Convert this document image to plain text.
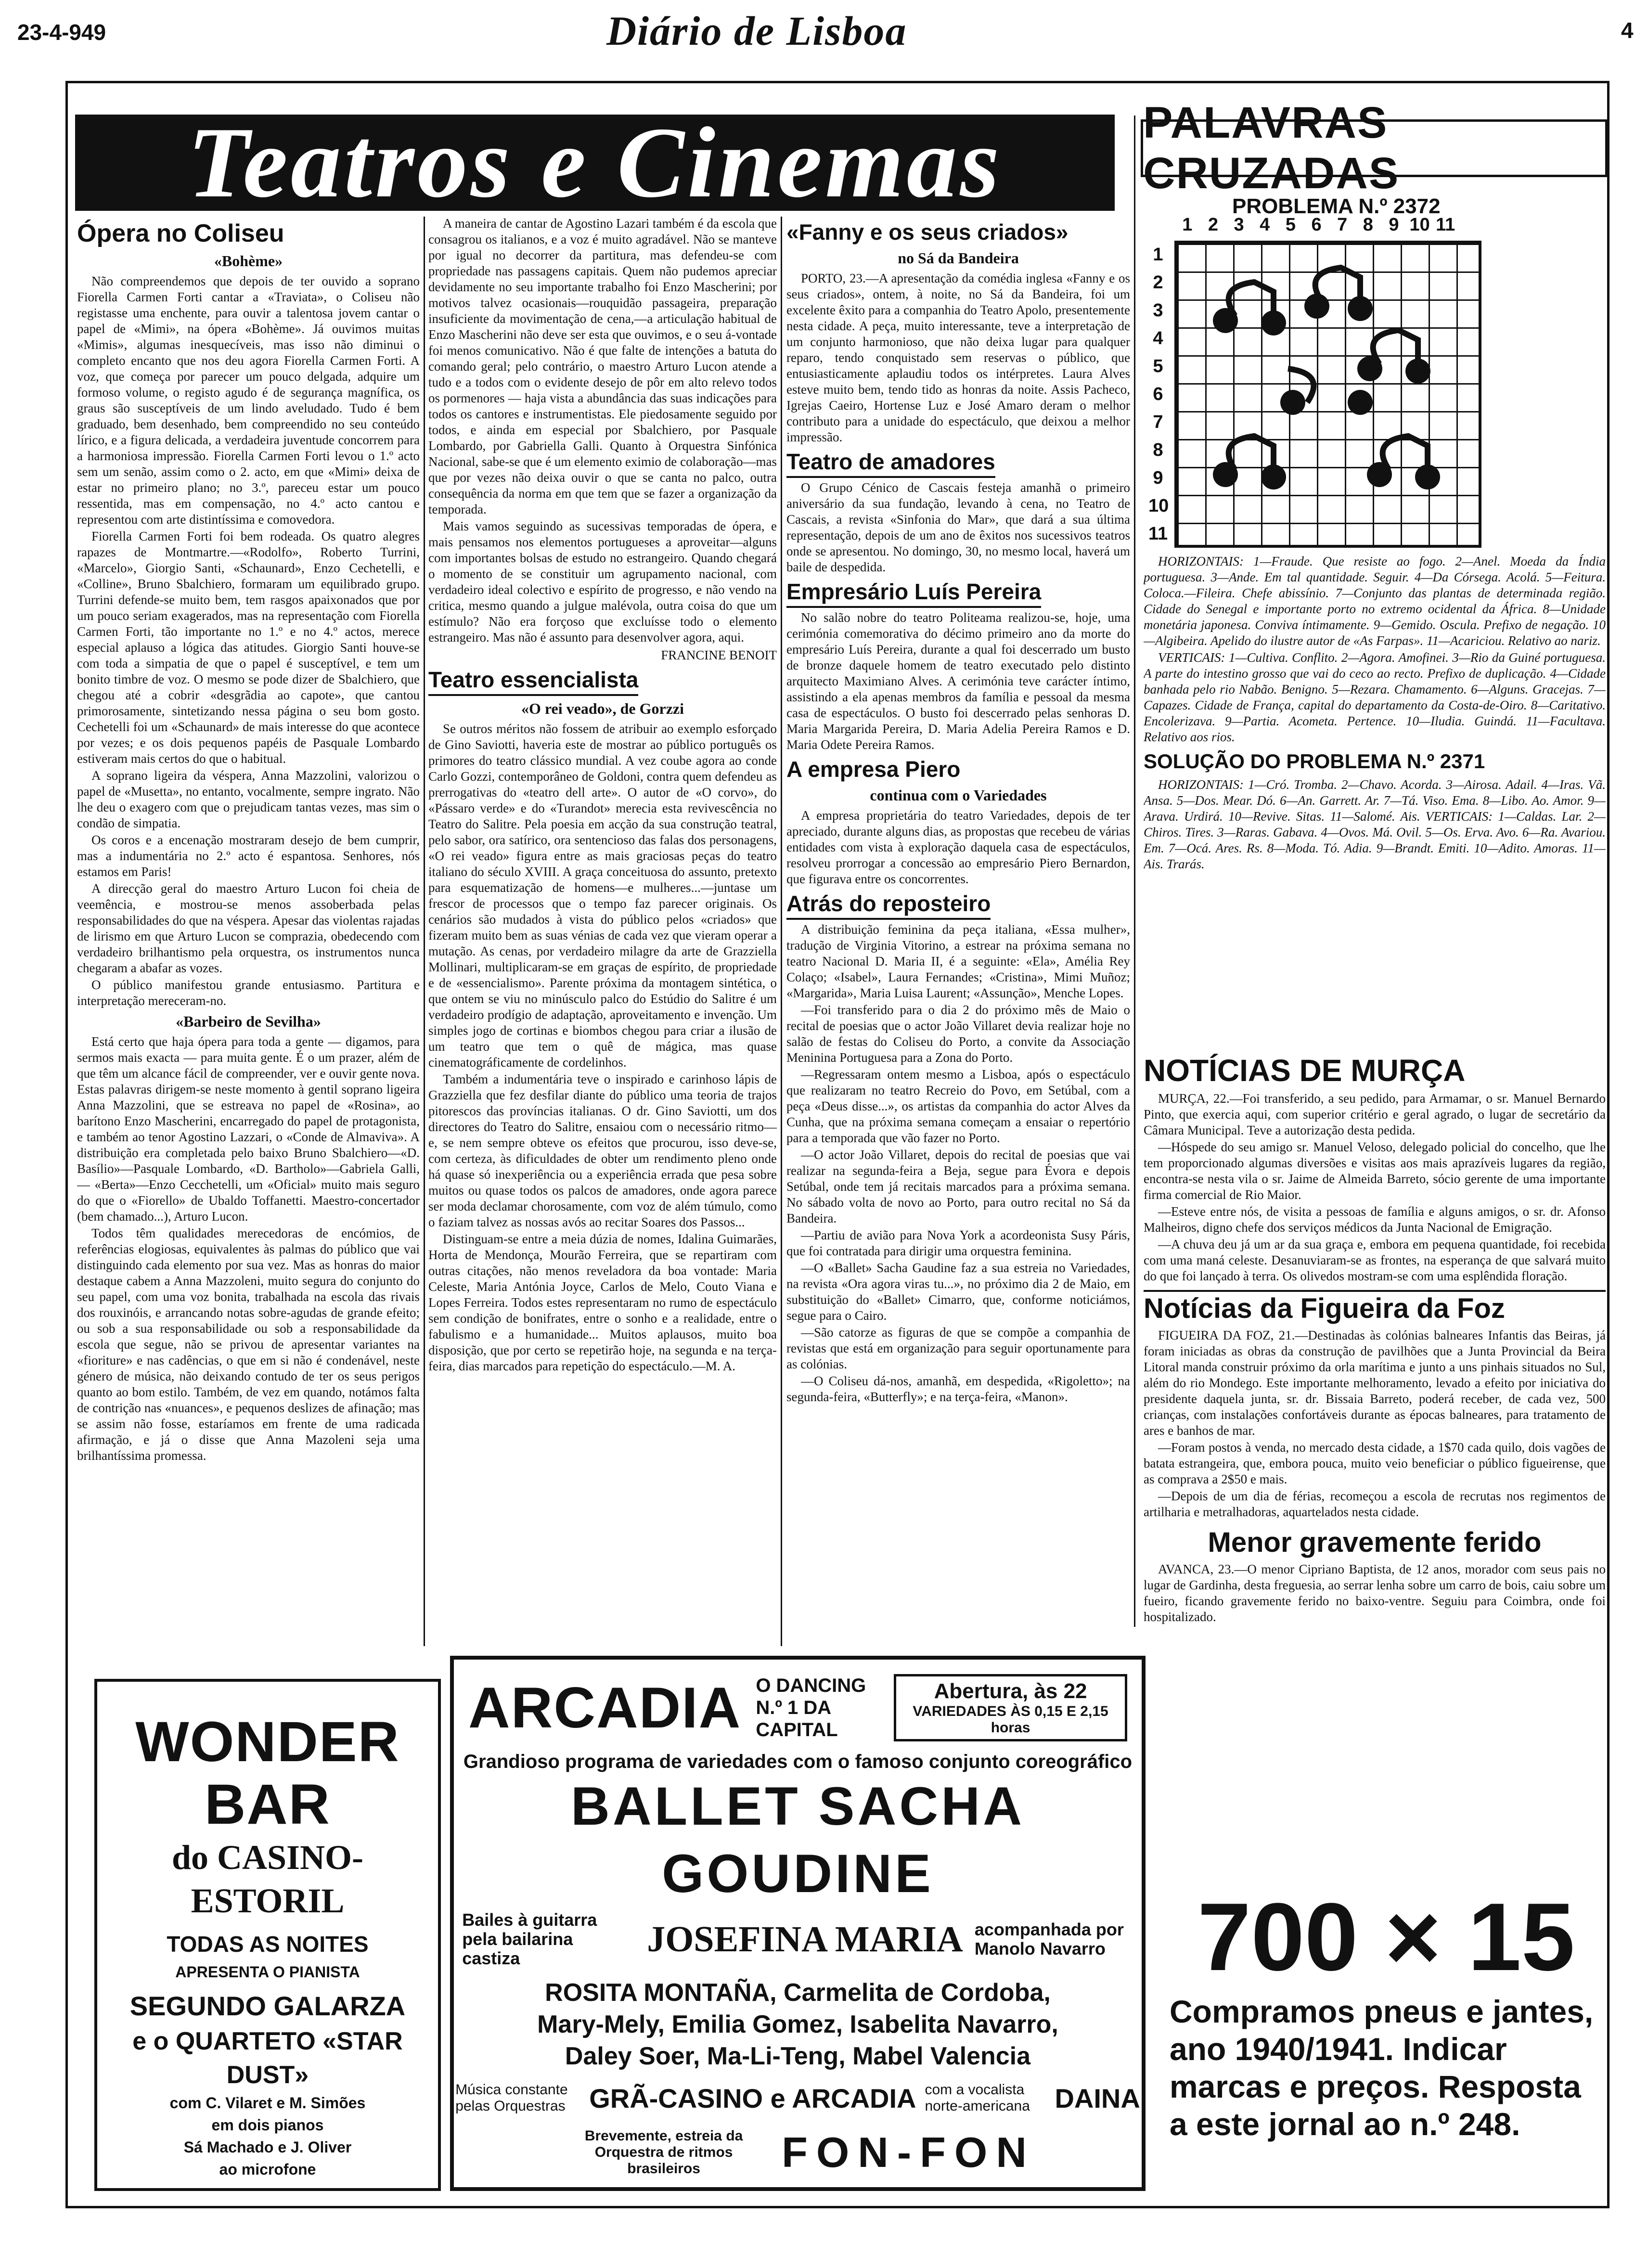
23-4-949	Diário de Lisboa	4
Teatros e Cinemas
Ópera no Coliseu
«Bohème»

Não compreendemos que depois de ter ouvido a soprano Fiorella Carmen Forti cantar a «Traviata», o Coliseu não registasse uma enchente, para ouvir a talentosa jovem cantar o papel de «Mimi», na ópera «Bohème». Já ouvimos muitas «Mimis», algumas inesquecíveis, mas isso não diminui o completo encanto que nos deu agora Fiorella Carmen Forti. A voz, que começa por parecer um pouco delgada, adquire um formoso volume, o registo agudo é de segurança magnífica, os graus são susceptíveis de um lindo aveludado. Tudo é bem graduado, bem desenhado, bem compreendido no seu conteúdo lírico, e a figura delicada, a verdadeira juventude concorrem para a harmoniosa impressão. Fiorella Carmen Forti levou o 1.º acto sem um senão, assim como o 2. acto, em que «Mimi» deixa de estar no primeiro plano; no 3.º, pareceu estar um pouco ressentida, mas em compensação, no 4.º acto cantou e representou com arte distintíssima e comovedora.

Fiorella Carmen Forti foi bem rodeada. Os quatro alegres rapazes de Montmartre.—«Rodolfo», Roberto Turrini, «Marcelo», Giorgio Santi, «Schaunard», Enzo Cechetelli, e «Colline», Bruno Sbalchiero, formaram um equilibrado grupo. Turrini defende-se muito bem, tem rasgos apaixonados que por um pouco seriam exagerados, mas na representação com Fiorella Carmen Forti, tão importante no 1.º e no 4.º actos, merece especial aplauso a lógica das atitudes. Giorgio Santi houve-se com toda a simpatia de que o papel é susceptível, e tem um bonito timbre de voz. O mesmo se pode dizer de Sbalchiero, que chegou até a cobrir «desgrãdia ao capote», que cantou primorosamente, sintetizando nessa página o seu bom gosto. Cechetelli foi um «Schaunard» de mais interesse do que acontece por vezes; e os dois pequenos papéis de Pasquale Lombardo estiveram mais certos do que o habitual.

A soprano ligeira da véspera, Anna Mazzolini, valorizou o papel de «Musetta», no entanto, vocalmente, sempre ingrato. Não lhe deu o exagero com que o prejudicam tantas vezes, mas sim o condão de simpatia.

Os coros e a encenação mostraram desejo de bem cumprir, mas a indumentária no 2.º acto é espantosa. Senhores, nós estamos em Paris!

A direcção geral do maestro Arturo Lucon foi cheia de veemência, e mostrou-se menos assoberbada pelas responsabilidades do que na véspera. Apesar das violentas rajadas de lirismo em que Arturo Lucon se comprazia, obedecendo com verdadeiro brilhantismo pela orquestra, os instrumentos nunca chegaram a abafar as vozes.

O público manifestou grande entusiasmo. Partitura e interpretação mereceram-no.

«Barbeiro de Sevilha»

Está certo que haja ópera para toda a gente — digamos, para sermos mais exacta — para muita gente. É o um prazer, além de que têm um alcance fácil de compreender, ver e ouvir gente nova. Estas palavras dirigem-se neste momento à gentil soprano ligeira Anna Mazzolini, que se estreava no papel de «Rosina», ao barítono Enzo Mascherini, encarregado do papel de protagonista, e também ao tenor Agostino Lazzari, o «Conde de Almaviva». A distribuição era completada pelo baixo Bruno Sbalchiero—«D. Basílio»—Pasquale Lombardo, «D. Bartholo»—Gabriela Galli, — «Berta»—Enzo Cecchetelli, um «Oficial» muito mais seguro do que o «Fiorello» de Ubaldo Toffanetti. Maestro-concertador (bem chamado...), Arturo Lucon.

Todos têm qualidades merecedoras de encómios, de referências elogiosas, equivalentes às palmas do público que vai distinguindo cada elemento por sua vez. Mas as honras do maior destaque cabem a Anna Mazzoleni, muito segura do conjunto do seu papel, com uma voz bonita, trabalhada na escola das rivais dos rouxinóis, e arrancando notas sobre-agudas de grande efeito; ou sob a sua responsabilidade ou sob a responsabilidade da escola que segue, não se privou de apresentar variantes na «fioriture» e nas cadências, o que em si não é condenável, neste género de música, não deixando contudo de ter os seus perigos quanto ao bom estilo. Também, de vez em quando, notámos falta de contrição nas «nuances», e pequenos deslizes de afinação; mas se assim não fosse, estaríamos em frente de uma radicada afirmação, e já o disse que Anna Mazoleni seja uma brilhantíssima promessa.

A maneira de cantar de Agostino Lazari também é da escola que consagrou os italianos, e a voz é muito agradável. Não se manteve por igual no decorrer da partitura, mas defendeu-se com propriedade nas passagens capitais. Quem não pudemos apreciar devidamente no seu importante trabalho foi Enzo Mascherini; por motivos talvez ocasionais—rouquidão passageira, preparação insuficiente da movimentação de cena,—a articulação habitual de Enzo Mascherini não deve ser esta que ouvimos, e o seu á-vontade foi menos comunicativo. Não é que falte de intenções a batuta do comando geral; pelo contrário, o maestro Arturo Lucon atende a tudo e a todos com o evidente desejo de pôr em alto relevo todos os pormenores — haja vista a abundância das suas indicações para todos os cantores e instrumentistas. Ele piedosamente seguido por todos, e ainda em especial por Sbalchiero, por Pasquale Lombardo, por Gabriella Galli. Quanto à Orquestra Sinfónica Nacional, sabe-se que é um elemento eximio de colaboração—mas que por vezes não deixa ouvir o que se canta no palco, outra consequência da norma em que tem que se fazer a organização da temporada.

Mais vamos seguindo as sucessivas temporadas de ópera, e mais pensamos nos elementos portugueses a aproveitar—alguns com importantes bolsas de estudo no estrangeiro. Quando chegará o momento de se constituir um agrupamento nacional, com verdadeiro ideal colectivo e espírito de progresso, e não vendo na critica, mesmo quando a julgue malévola, outra coisa do que um estímulo? Não era forçoso que excluísse todo o elemento estrangeiro. Mas não é assunto para desenvolver agora, aqui.

FRANCINE BENOIT
Teatro essencialista
«O rei veado», de Gorzzi

Se outros méritos não fossem de atribuir ao exemplo esforçado de Gino Saviotti, haveria este de mostrar ao público português os primores do teatro clássico mundial. A vez coube agora ao conde Carlo Gozzi, contemporâneo de Goldoni, contra quem defendeu as prerrogativas do «teatro dell arte». O autor de «O corvo», do «Pássaro verde» e do «Turandot» merecia esta revivescência no Teatro do Salitre. Pela poesia em acção da sua construção teatral, pelo sabor, ora satírico, ora sentencioso das falas dos personagens, «O rei veado» figura entre as mais graciosas peças do teatro italiano do século XVIII. A graça conceituosa do assunto, pretexto para esquematização de homens—e mulheres...—juntase um frescor de processos que o tempo faz parecer originais. Os cenários são mudados à vista do público pelos «criados» que fizeram muito bem as suas vénias de cada vez que vieram operar a mutação. As cenas, por verdadeiro milagre da arte de Grazziella Mollinari, multiplicaram-se em graças de espírito, de propriedade e de «essencialismo». Parente próxima da montagem sintética, o que ontem se viu no minúsculo palco do Estúdio do Salitre é um verdadeiro prodígio de adaptação, aproveitamento e invenção. Um simples jogo de cortinas e biombos chegou para criar a ilusão de um teatro que tem o quê de mágica, mas quase cinematográficamente de cordelinhos.

Também a indumentária teve o inspirado e carinhoso lápis de Grazziella que fez desfilar diante do público uma teoria de trajos pitorescos das províncias italianas. O dr. Gino Saviotti, um dos directores do Teatro do Salitre, ensaiou com o necessário ritmo—e, se nem sempre obteve os efeitos que procurou, isso deve-se, com certeza, às dificuldades de obter um rendimento pleno onde há quase só inexperiência ou a experiência errada que pesa sobre muitos ou quase todos os palcos de amadores, onde agora parece ser moda declamar chorosamente, com voz de além túmulo, como o faziam talvez as nossas avós ao recitar Soares dos Passos...

Distinguam-se entre a meia dúzia de nomes, Idalina Guimarães, Horta de Mendonça, Mourão Ferreira, que se repartiram com outras citações, não menos reveladora da boa vontade: Maria Celeste, Maria Antónia Joyce, Carlos de Melo, Couto Viana e Lopes Ferreira. Todos estes representaram no rumo de espectáculo sem condição de bonifrates, entre o sonho e a realidade, entre o fabulismo e a humanidade... Muitos aplausos, muito boa disposição, que por certo se repetirão hoje, na segunda e na terça-feira, dias marcados para repetição do espectáculo.—M. A.

«Fanny e os seus criados»
no Sá da Bandeira

PORTO, 23.—A apresentação da comédia inglesa «Fanny e os seus criados», ontem, à noite, no Sá da Bandeira, foi um excelente êxito para a companhia do Teatro Apolo, presentemente nesta cidade. A peça, muito interessante, teve a interpretação de um conjunto harmonioso, que não deixa lugar para qualquer reparo, tendo conquistado sem reservas o público, que entusiasticamente aplaudiu todos os intérpretes. Laura Alves esteve muito bem, tendo tido as honras da noite. Assis Pacheco, Igrejas Caeiro, Hortense Luz e José Amaro deram o melhor contributo para a unidade do espectáculo, que deixou a melhor impressão.

Teatro de amadores

O Grupo Cénico de Cascais festeja amanhã o primeiro aniversário da sua fundação, levando à cena, no Teatro de Cascais, a revista «Sinfonia do Mar», que dará a sua última representação, depois de um ano de êxitos nos sucessivos teatros onde se apresentou. No domingo, 30, no mesmo local, haverá um baile de despedida.

Empresário Luís Pereira

No salão nobre do teatro Politeama realizou-se, hoje, uma cerimónia comemorativa do décimo primeiro ano da morte do empresário Luís Pereira, durante a qual foi descerrado um busto de bronze daquele homem de teatro executado pelo distinto arquitecto Maximiano Alves. A cerimónia teve carácter íntimo, assistindo a ela apenas membros da família e pessoal da mesma casa de espectáculos. O busto foi descerrado pelas senhoras D. Maria Margarida Pereira, D. Maria Adelia Pereira Ramos e D. Maria Odete Pereira Ramos.

A empresa Piero
continua com o Variedades

A empresa proprietária do teatro Variedades, depois de ter apreciado, durante alguns dias, as propostas que recebeu de várias entidades com vista à exploração daquela casa de espectáculos, resolveu prorrogar a concessão ao empresário Piero Bernardon, que figurava entre os concorrentes.

Atrás do reposteiro

A distribuição feminina da peça italiana, «Essa mulher», tradução de Virginia Vitorino, a estrear na próxima semana no teatro Nacional D. Maria II, é a seguinte: «Ela», Amélia Rey Colaço; «Isabel», Laura Fernandes; «Cristina», Mimi Muñoz; «Margarida», Maria Luisa Laurent; «Assunção», Menche Lopes.

—Foi transferido para o dia 2 do próximo mês de Maio o recital de poesias que o actor João Villaret devia realizar hoje no salão de festas do Coliseu do Porto, a convite da Associação Meninina Portuguesa para a Zona do Porto.

—Regressaram ontem mesmo a Lisboa, após o espectáculo que realizaram no teatro Recreio do Povo, em Setúbal, com a peça «Deus disse...», os artistas da companhia do actor Alves da Cunha, que na próxima semana começam a ensaiar o repertório para a temporada que vão fazer no Porto.

—O actor João Villaret, depois do recital de poesias que vai realizar na segunda-feira a Beja, segue para Évora e depois Setúbal, onde tem já recitais marcados para a próxima semana. No sábado volta de novo ao Porto, para outro recital no Sá da Bandeira.

—Partiu de avião para Nova York a acordeonista Susy Páris, que foi contratada para dirigir uma orquestra feminina.

—O «Ballet» Sacha Gaudine faz a sua estreia no Variedades, na revista «Ora agora viras tu...», no próximo dia 2 de Maio, em substituição do «Ballet» Cimarro, que, conforme noticiámos, segue para o Cairo.

—São catorze as figuras de que se compõe a companhia de revistas que está em organização para seguir oportunamente para as colónias.

—O Coliseu dá-nos, amanhã, em despedida, «Rigoletto»; na segunda-feira, «Butterfly»; e na terça-feira, «Manon».

PALAVRAS CRUZADAS
PROBLEMA N.º 2372
1 2 3 4 5 6 7 8 9 10 11
1
2
3
4
5
6
7
8
9
10
11

HORIZONTAIS: 1—Fraude. Que resiste ao fogo. 2—Anel. Moeda da Índia portuguesa. 3—Ande. Em tal quantidade. Seguir. 4—Da Córsega. Acolá. 5—Feitura. Coloca.—Fileira. Chefe abissínio. 7—Conjunto das plantas de determinada região. Cidade do Senegal e importante porto no extremo ocidental da África. 8—Unidade monetária japonesa. Conviva íntimamente. 9—Gemido. Oscula. Prefixo de negação. 10—Algibeira. Apelido do ilustre autor de «As Farpas». 11—Acariciou. Relativo ao nariz.

VERTICAIS: 1—Cultiva. Conflito. 2—Agora. Amofinei. 3—Rio da Guiné portuguesa. A parte do intestino grosso que vai do ceco ao recto. Prefixo de duplicação. 4—Cidade banhada pelo rio Nabão. Benigno. 5—Rezara. Chamamento. 6—Alguns. Gracejas. 7—Capazes. Cidade de França, capital do departamento da Costa-de-Oiro. 8—Caritativo. Encolerizava. 9—Partia. Acometa. Pertence. 10—Iludia. Guindá. 11—Facultava. Relativo aos rios.

SOLUÇÃO DO PROBLEMA N.º 2371

HORIZONTAIS: 1—Cró. Tromba. 2—Chavo. Acorda. 3—Airosa. Adail. 4—Iras. Vã. Ansa. 5—Dos. Mear. Dó. 6—An. Garrett. Ar. 7—Tá. Viso. Ema. 8—Libo. Ao. Amor. 9—Arava. Urdirá. 10—Revive. Sitas. 11—Salomé. Ais. VERTICAIS: 1—Caldas. Lar. 2—Chiros. Tires. 3—Raras. Gabava. 4—Ovos. Má. Ovil. 5—Os. Erva. Avo. 6—Ra. Avariou. Em. 7—Ocá. Ares. Rs. 8—Moda. Tó. Adia. 9—Brandt. Emiti. 10—Adito. Amoras. 11—Ais. Trarás.

NOTÍCIAS DE MURÇA

MURÇA, 22.—Foi transferido, a seu pedido, para Armamar, o sr. Manuel Bernardo Pinto, que exercia aqui, com superior critério e geral agrado, o lugar de secretário da Câmara Municipal. Teve a autorização desta pedida.

—Hóspede do seu amigo sr. Manuel Veloso, delegado policial do concelho, que lhe tem proporcionado algumas diversões e visitas aos mais aprazíveis lugares da região, encontra-se nesta vila o sr. Jaime de Almeida Barreto, sócio gerente de uma importante firma comercial de Rio Maior.

—Esteve entre nós, de visita a pessoas de família e alguns amigos, o sr. dr. Afonso Malheiros, digno chefe dos serviços médicos da Junta Nacional de Emigração.

—A chuva deu já um ar da sua graça e, embora em pequena quantidade, foi recebida com uma maná celeste. Desanuviaram-se as frontes, na esperança de que salvará muito do que foi lançado à terra. Os olivedos mostram-se com uma esplêndida floração.

Notícias da Figueira da Foz

FIGUEIRA DA FOZ, 21.—Destinadas às colónias balneares Infantis das Beiras, já foram iniciadas as obras da construção de pavilhões que a Junta Provincial da Beira Litoral manda construir próximo da orla marítima e junto a uns pinhais situados no Sul, além do rio Mondego. Este importante melhoramento, levado a efeito por iniciativa do presidente daquela junta, sr. dr. Bissaia Barreto, poderá receber, de cada vez, 500 crianças, com instalações confortáveis durante as épocas balneares, para tratamento de ares e banhos de mar.

—Foram postos à venda, no mercado desta cidade, a 1$70 cada quilo, dois vagões de batata estrangeira, que, embora pouca, muito veio beneficiar o público figueirense, que as comprava a 2$50 e mais.

—Depois de um dia de férias, recomeçou a escola de recrutas nos regimentos de artilharia e metralhadoras, aquartelados nesta cidade.

Menor gravemente ferido

AVANCA, 23.—O menor Cipriano Baptista, de 12 anos, morador com seus pais no lugar de Gardinha, desta freguesia, ao serrar lenha sobre um carro de bois, caiu sobre um fueiro, ficando gravemente ferido no baixo-ventre. Seguiu para Coimbra, onde foi hospitalizado.

WONDER BAR
do CASINO-ESTORIL
TODAS AS NOITES
APRESENTA O PIANISTA
SEGUNDO GALARZA
e o QUARTETO «STAR DUST»
com C. Vilaret e M. Simões
em dois pianos
Sá Machado e J. Oliver
ao microfone
ARCADIA O DANCING N.º 1 DA CAPITAL
Abertura, às 22
VARIEDADES ÀS 0,15 E 2,15 horas
Grandioso programa de variedades com o famoso conjunto coreográfico
BALLET SACHA GOUDINE
Bailes à guitarra pela bailarina castiza	JOSEFINA MARIA acompanhada por Manolo Navarro
ROSITA MONTAÑA, Carmelita de Cordoba,
Mary-Mely, Emilia Gomez, Isabelita Navarro,
Daley Soer, Ma-Li-Teng, Mabel Valencia
Música constante pelas Orquestras GRÃ-CASINO e ARCADIA com a vocalista norte-americana DAINA
Brevemente, estreia da Orquestra de ritmos brasileiros	FON-FON
700 × 15
Compramos pneus e jantes, ano 1940/1941. Indicar marcas e preços. Resposta a este jornal ao n.º 248.
